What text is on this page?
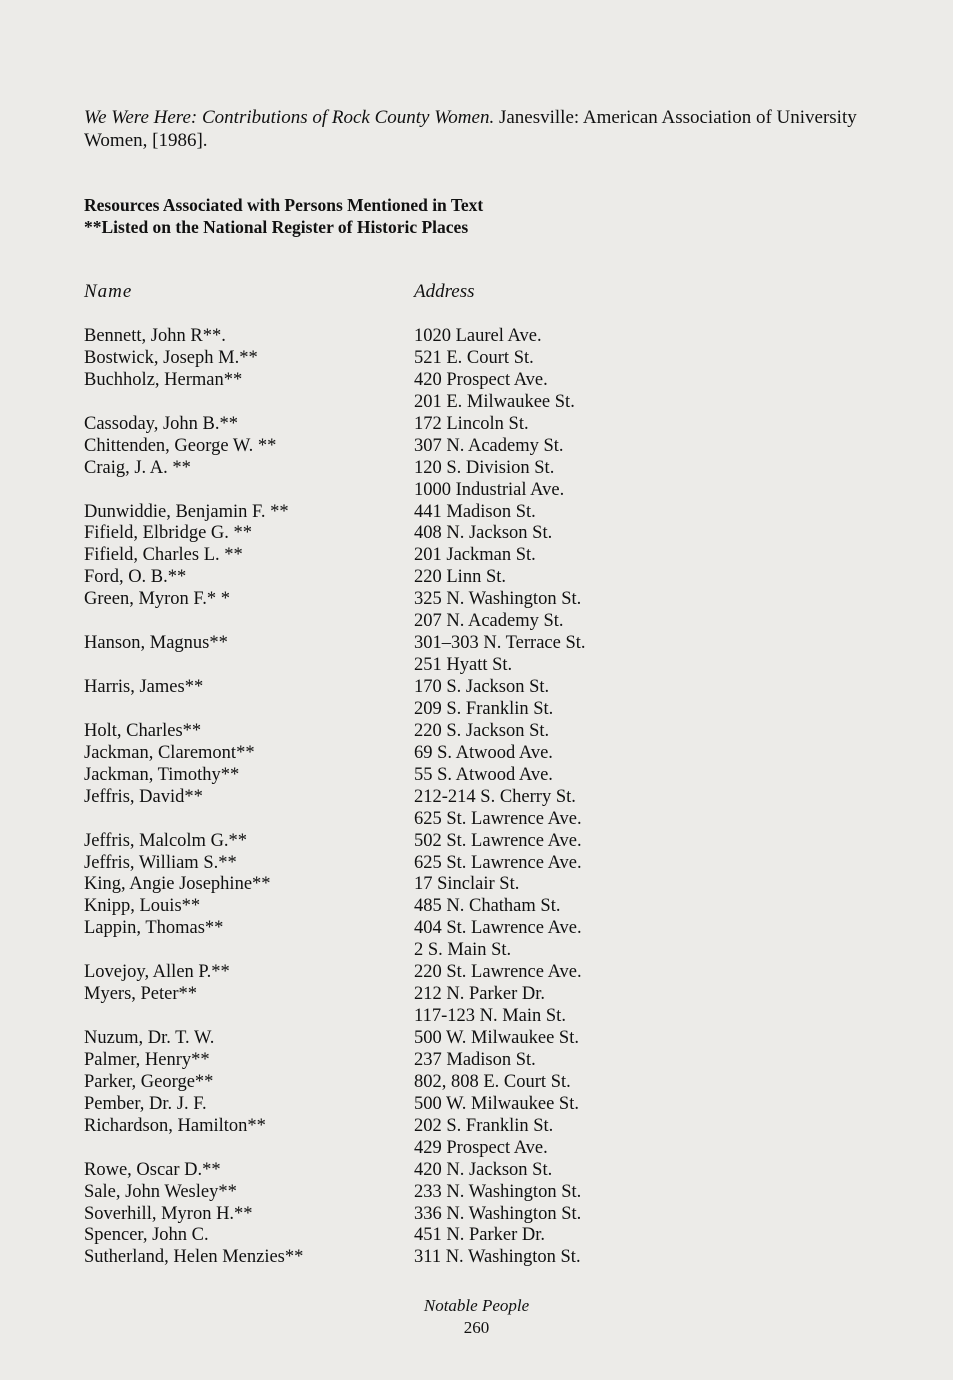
We Were Here: Contributions of Rock County Women. Janesville: American Association of University Women, [1986].
Resources Associated with Persons Mentioned in Text
**Listed on the National Register of Historic Places
Name	Address
Bennett, John R**.	1020 Laurel Ave.
Bostwick, Joseph M.**	521 E. Court St.
Buchholz, Herman**	420 Prospect Ave.
201 E. Milwaukee St.
Cassoday, John B.**	172 Lincoln St.
Chittenden, George W. **	307 N. Academy St.
Craig, J. A. **	120 S. Division St.
1000 Industrial Ave.
Dunwiddie, Benjamin F. **	441 Madison St.
Fifield, Elbridge G. **	408 N. Jackson St.
Fifield, Charles L. **	201 Jackman St.
Ford, O. B.**	220 Linn St.
Green, Myron F.* *	325 N. Washington St.
207 N. Academy St.
Hanson, Magnus**	301–303 N. Terrace St.
251 Hyatt St.
Harris, James**	170 S. Jackson St.
209 S. Franklin St.
Holt, Charles**	220 S. Jackson St.
Jackman, Claremont**	69 S. Atwood Ave.
Jackman, Timothy**	55 S. Atwood Ave.
Jeffris, David**	212-214 S. Cherry St.
625 St. Lawrence Ave.
Jeffris, Malcolm G.**	502 St. Lawrence Ave.
Jeffris, William S.**	625 St. Lawrence Ave.
King, Angie Josephine**	17 Sinclair St.
Knipp, Louis**	485 N. Chatham St.
Lappin, Thomas**	404 St. Lawrence Ave.
2 S. Main St.
Lovejoy, Allen P.**	220 St. Lawrence Ave.
Myers, Peter**	212 N. Parker Dr.
117-123 N. Main St.
Nuzum, Dr. T. W.	500 W. Milwaukee St.
Palmer, Henry**	237 Madison St.
Parker, George**	802, 808 E. Court St.
Pember, Dr. J. F.	500 W. Milwaukee St.
Richardson, Hamilton**	202 S. Franklin St.
429 Prospect Ave.
Rowe, Oscar D.**	420 N. Jackson St.
Sale, John Wesley**	233 N. Washington St.
Soverhill, Myron H.**	336 N. Washington St.
Spencer, John C.	451 N. Parker Dr.
Sutherland, Helen Menzies**	311 N. Washington St.
Notable People
260
